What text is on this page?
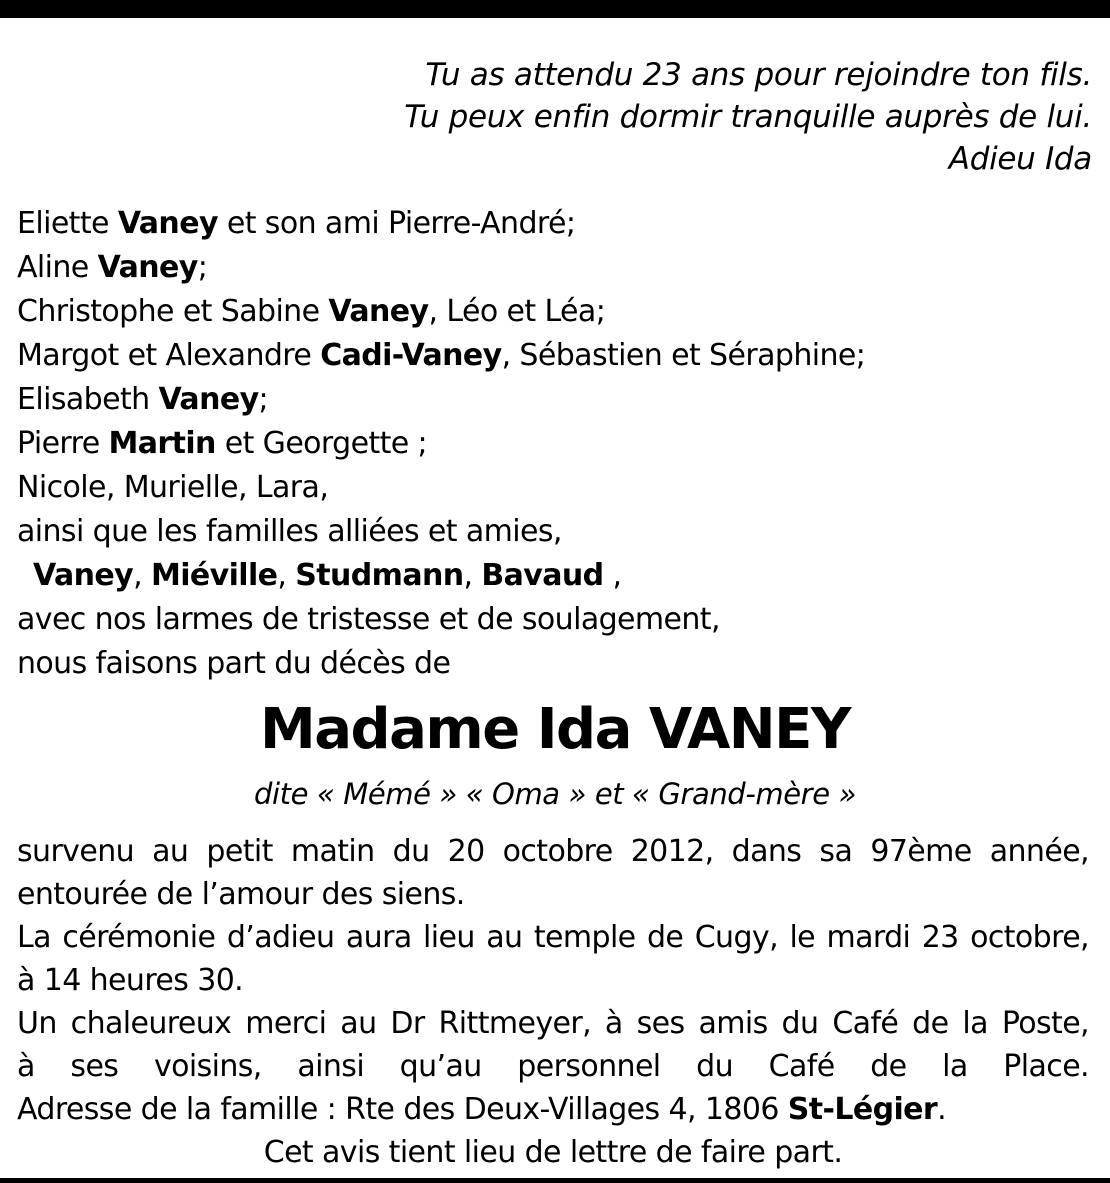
Tu as attendu 23 ans pour rejoindre ton fils.
Tu peux enfin dormir tranquille auprès de lui.
Adieu Ida
Eliette Vaney et son ami Pierre-André;
Aline Vaney;
Christophe et Sabine Vaney, Léo et Léa;
Margot et Alexandre Cadi-Vaney, Sébastien et Séraphine;
Elisabeth Vaney;
Pierre Martin et Georgette ;
Nicole, Murielle, Lara,
ainsi que les familles alliées et amies,
Vaney, Miéville, Studmann, Bavaud ,
avec nos larmes de tristesse et de soulagement,
nous faisons part du décès de
Madame Ida VANEY
dite « Mémé » « Oma » et « Grand-mère »
survenu au petit matin du 20 octobre 2012, dans sa 97ème année,
entourée de l’amour des siens.
La cérémonie d’adieu aura lieu au temple de Cugy, le mardi 23 octobre,
à 14 heures 30.
Un chaleureux merci au Dr Rittmeyer, à ses amis du Café de la Poste,
à ses voisins, ainsi qu’au personnel du Café de la Place.
Adresse de la famille : Rte des Deux-Villages 4, 1806 St-Légier.
Cet avis tient lieu de lettre de faire part.
